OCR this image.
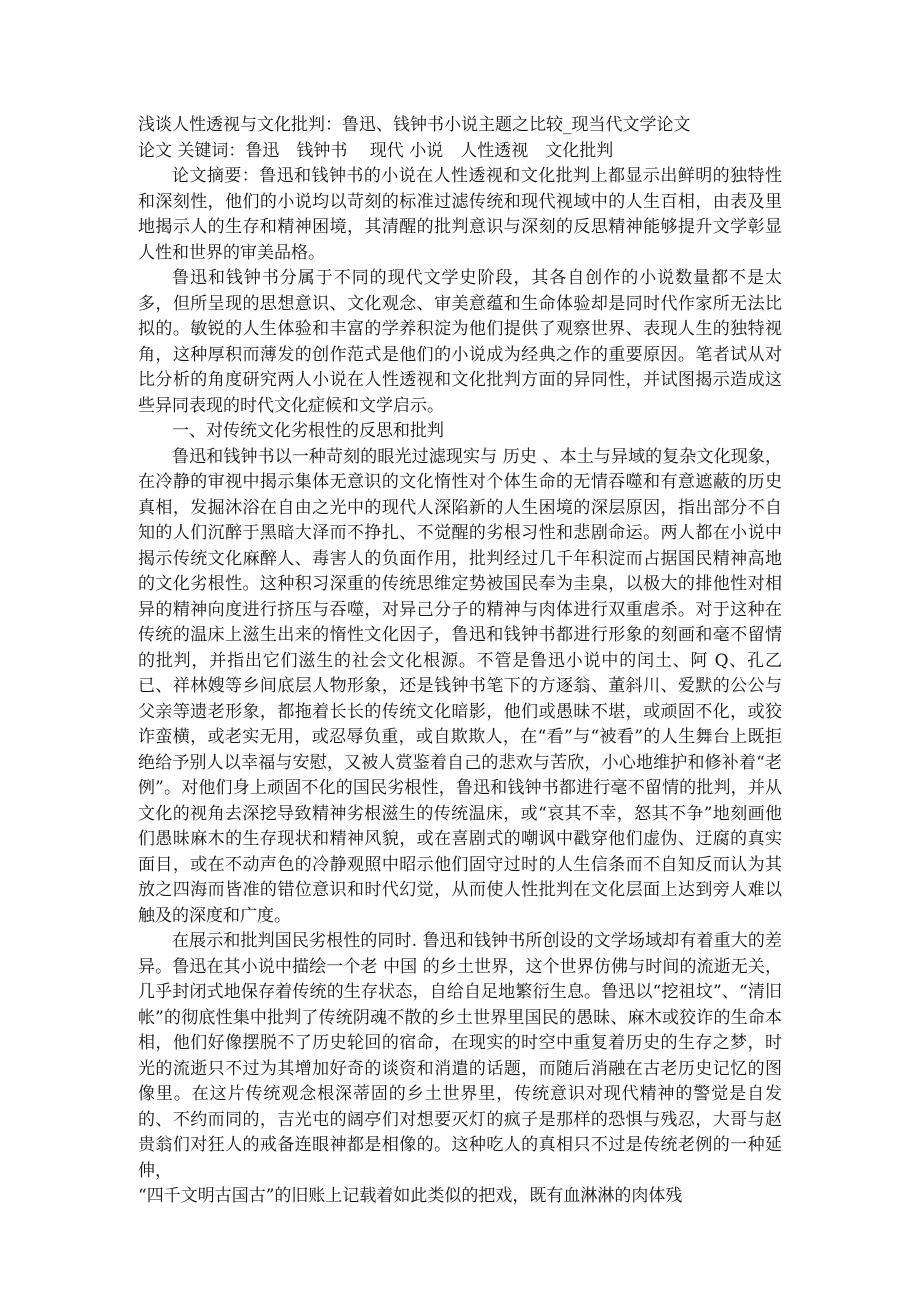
浅谈人性透视与文化批判：鲁迅、钱钟书小说主题之比较_现当代文学论文

论文 关键词：鲁迅　钱钟书　 现代 小说　人性透视　文化批判

论文摘要：鲁迅和钱钟书的小说在人性透视和文化批判上都显示出鲜明的独特性和深刻性，他们的小说均以苛刻的标准过滤传统和现代视域中的人生百相，由表及里地揭示人的生存和精神困境，其清醒的批判意识与深刻的反思精神能够提升文学彰显人性和世界的审美品格。

鲁迅和钱钟书分属于不同的现代文学史阶段，其各自创作的小说数量都不是太多，但所呈现的思想意识、文化观念、审美意蕴和生命体验却是同时代作家所无法比拟的。敏锐的人生体验和丰富的学养积淀为他们提供了观察世界、表现人生的独特视角，这种厚积而薄发的创作范式是他们的小说成为经典之作的重要原因。笔者试从对比分析的角度研究两人小说在人性透视和文化批判方面的异同性，并试图揭示造成这些异同表现的时代文化症候和文学启示。

一、对传统文化劣根性的反思和批判

鲁迅和钱钟书以一种苛刻的眼光过滤现实与 历史 、本土与异域的复杂文化现象，在冷静的审视中揭示集体无意识的文化惰性对个体生命的无情吞噬和有意遮蔽的历史真相，发掘沐浴在自由之光中的现代人深陷新的人生困境的深层原因，指出部分不自知的人们沉醉于黑暗大泽而不挣扎、不觉醒的劣根习性和悲剧命运。两人都在小说中揭示传统文化麻醉人、毒害人的负面作用，批判经过几千年积淀而占据国民精神高地的文化劣根性。这种积习深重的传统思维定势被国民奉为圭臬，以极大的排他性对相异的精神向度进行挤压与吞噬，对异己分子的精神与肉体进行双重虐杀。对于这种在传统的温床上滋生出来的惰性文化因子，鲁迅和钱钟书都进行形象的刻画和毫不留情的批判，并指出它们滋生的社会文化根源。不管是鲁迅小说中的闰土、阿 Q、孔乙已、祥林嫂等乡间底层人物形象，还是钱钟书笔下的方逐翁、董斜川、爱默的公公与父亲等遗老形象，都拖着长长的传统文化暗影，他们或愚昧不堪，或顽固不化，或狡诈蛮横，或老实无用，或忍辱负重，或自欺欺人，在“看”与“被看”的人生舞台上既拒绝给予别人以幸福与安慰，又被人赏鉴着自己的悲欢与苦欣，小心地维护和修补着“老例”。对他们身上顽固不化的国民劣根性，鲁迅和钱钟书都进行毫不留情的批判，并从文化的视角去深挖导致精神劣根滋生的传统温床，或“哀其不幸，怒其不争”地刻画他们愚昧麻木的生存现状和精神风貌，或在喜剧式的嘲讽中戳穿他们虚伪、迂腐的真实面目，或在不动声色的冷静观照中昭示他们固守过时的人生信条而不自知反而认为其放之四海而皆准的错位意识和时代幻觉，从而使人性批判在文化层面上达到旁人难以触及的深度和广度。

在展示和批判国民劣根性的同时. 鲁迅和钱钟书所创设的文学场域却有着重大的差异。鲁迅在其小说中描绘一个老 中国 的乡土世界，这个世界仿佛与时间的流逝无关，几乎封闭式地保存着传统的生存状态，自给自足地繁衍生息。鲁迅以“挖祖坟”、“清旧帐”的彻底性集中批判了传统阴魂不散的乡土世界里国民的愚昧、麻木或狡诈的生命本相，他们好像摆脱不了历史轮回的宿命，在现实的时空中重复着历史的生存之梦，时光的流逝只不过为其增加好奇的谈资和消遣的话题，而随后消融在古老历史记忆的图像里。在这片传统观念根深蒂固的乡土世界里，传统意识对现代精神的警觉是自发的、不约而同的，吉光屯的阔亭们对想要灭灯的疯子是那样的恐惧与残忍，大哥与赵贵翁们对狂人的戒备连眼神都是相像的。这种吃人的真相只不过是传统老例的一种延伸，

“四千文明古国古”的旧账上记载着如此类似的把戏，既有血淋淋的肉体残
